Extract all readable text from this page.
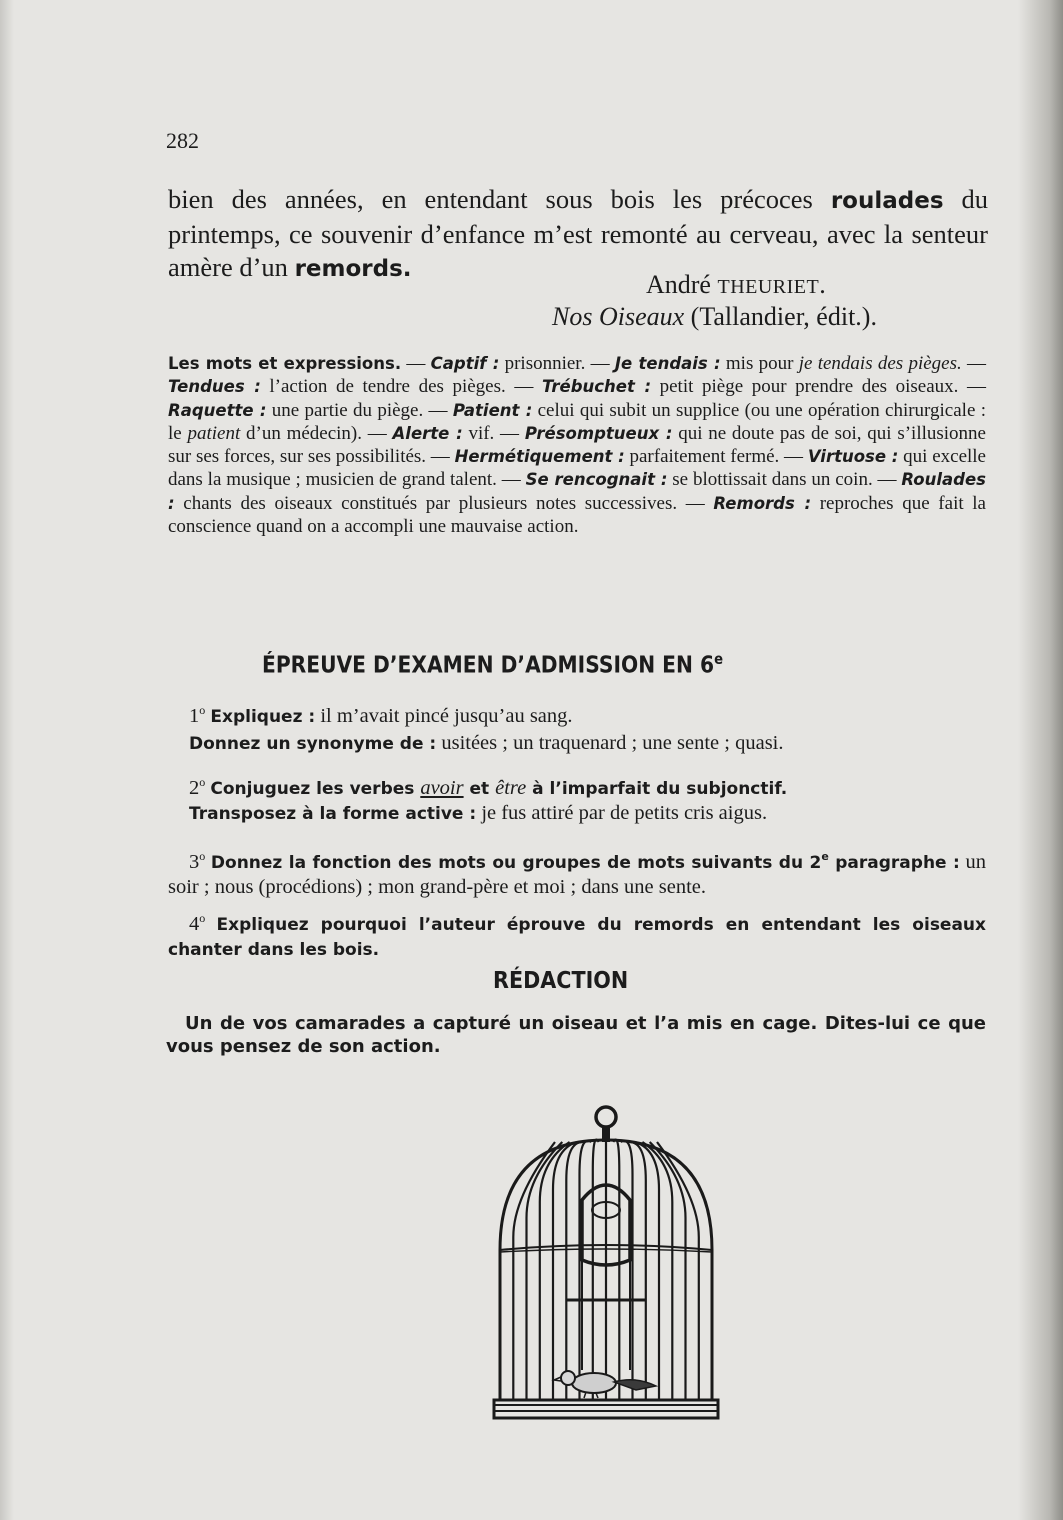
282
bien des années, en entendant sous bois les précoces roulades du printemps, ce souvenir d’enfance m’est remonté au cerveau, avec la senteur amère d’un remords.
André THEURIET.
Nos Oiseaux (Tallandier, édit.).
Les mots et expressions. — Captif : prisonnier. — Je tendais : mis pour je tendais des pièges. — Tendues : l’action de tendre des pièges. — Trébuchet : petit piège pour prendre des oiseaux. — Raquette : une partie du piège. — Patient : celui qui subit un supplice (ou une opération chirurgicale : le patient d’un médecin). — Alerte : vif. — Présomptueux : qui ne doute pas de soi, qui s’illusionne sur ses forces, sur ses possibilités. — Hermétiquement : parfaitement fermé. — Virtuose : qui excelle dans la musique ; musicien de grand talent. — Se rencognait : se blottissait dans un coin. — Roulades : chants des oiseaux constitués par plusieurs notes successives. — Remords : reproches que fait la conscience quand on a accompli une mauvaise action.
ÉPREUVE D’EXAMEN D’ADMISSION EN 6e
1$^o$ Expliquez : il m’avait pincé jusqu’au sang.
Donnez un synonyme de : usitées ; un traquenard ; une sente ; quasi.
2$^o$ Conjuguez les verbes avoir et être à l’imparfait du subjonctif.
Transposez à la forme active : je fus attiré par de petits cris aigus.
3$^o$ Donnez la fonction des mots ou groupes de mots suivants du 2e paragraphe : un soir ; nous (procédions) ; mon grand-père et moi ; dans une sente.
4$^o$ Expliquez pourquoi l’auteur éprouve du remords en entendant les oiseaux chanter dans les bois.
RÉDACTION
Un de vos camarades a capturé un oiseau et l’a mis en cage. Dites-lui ce que vous pensez de son action.
